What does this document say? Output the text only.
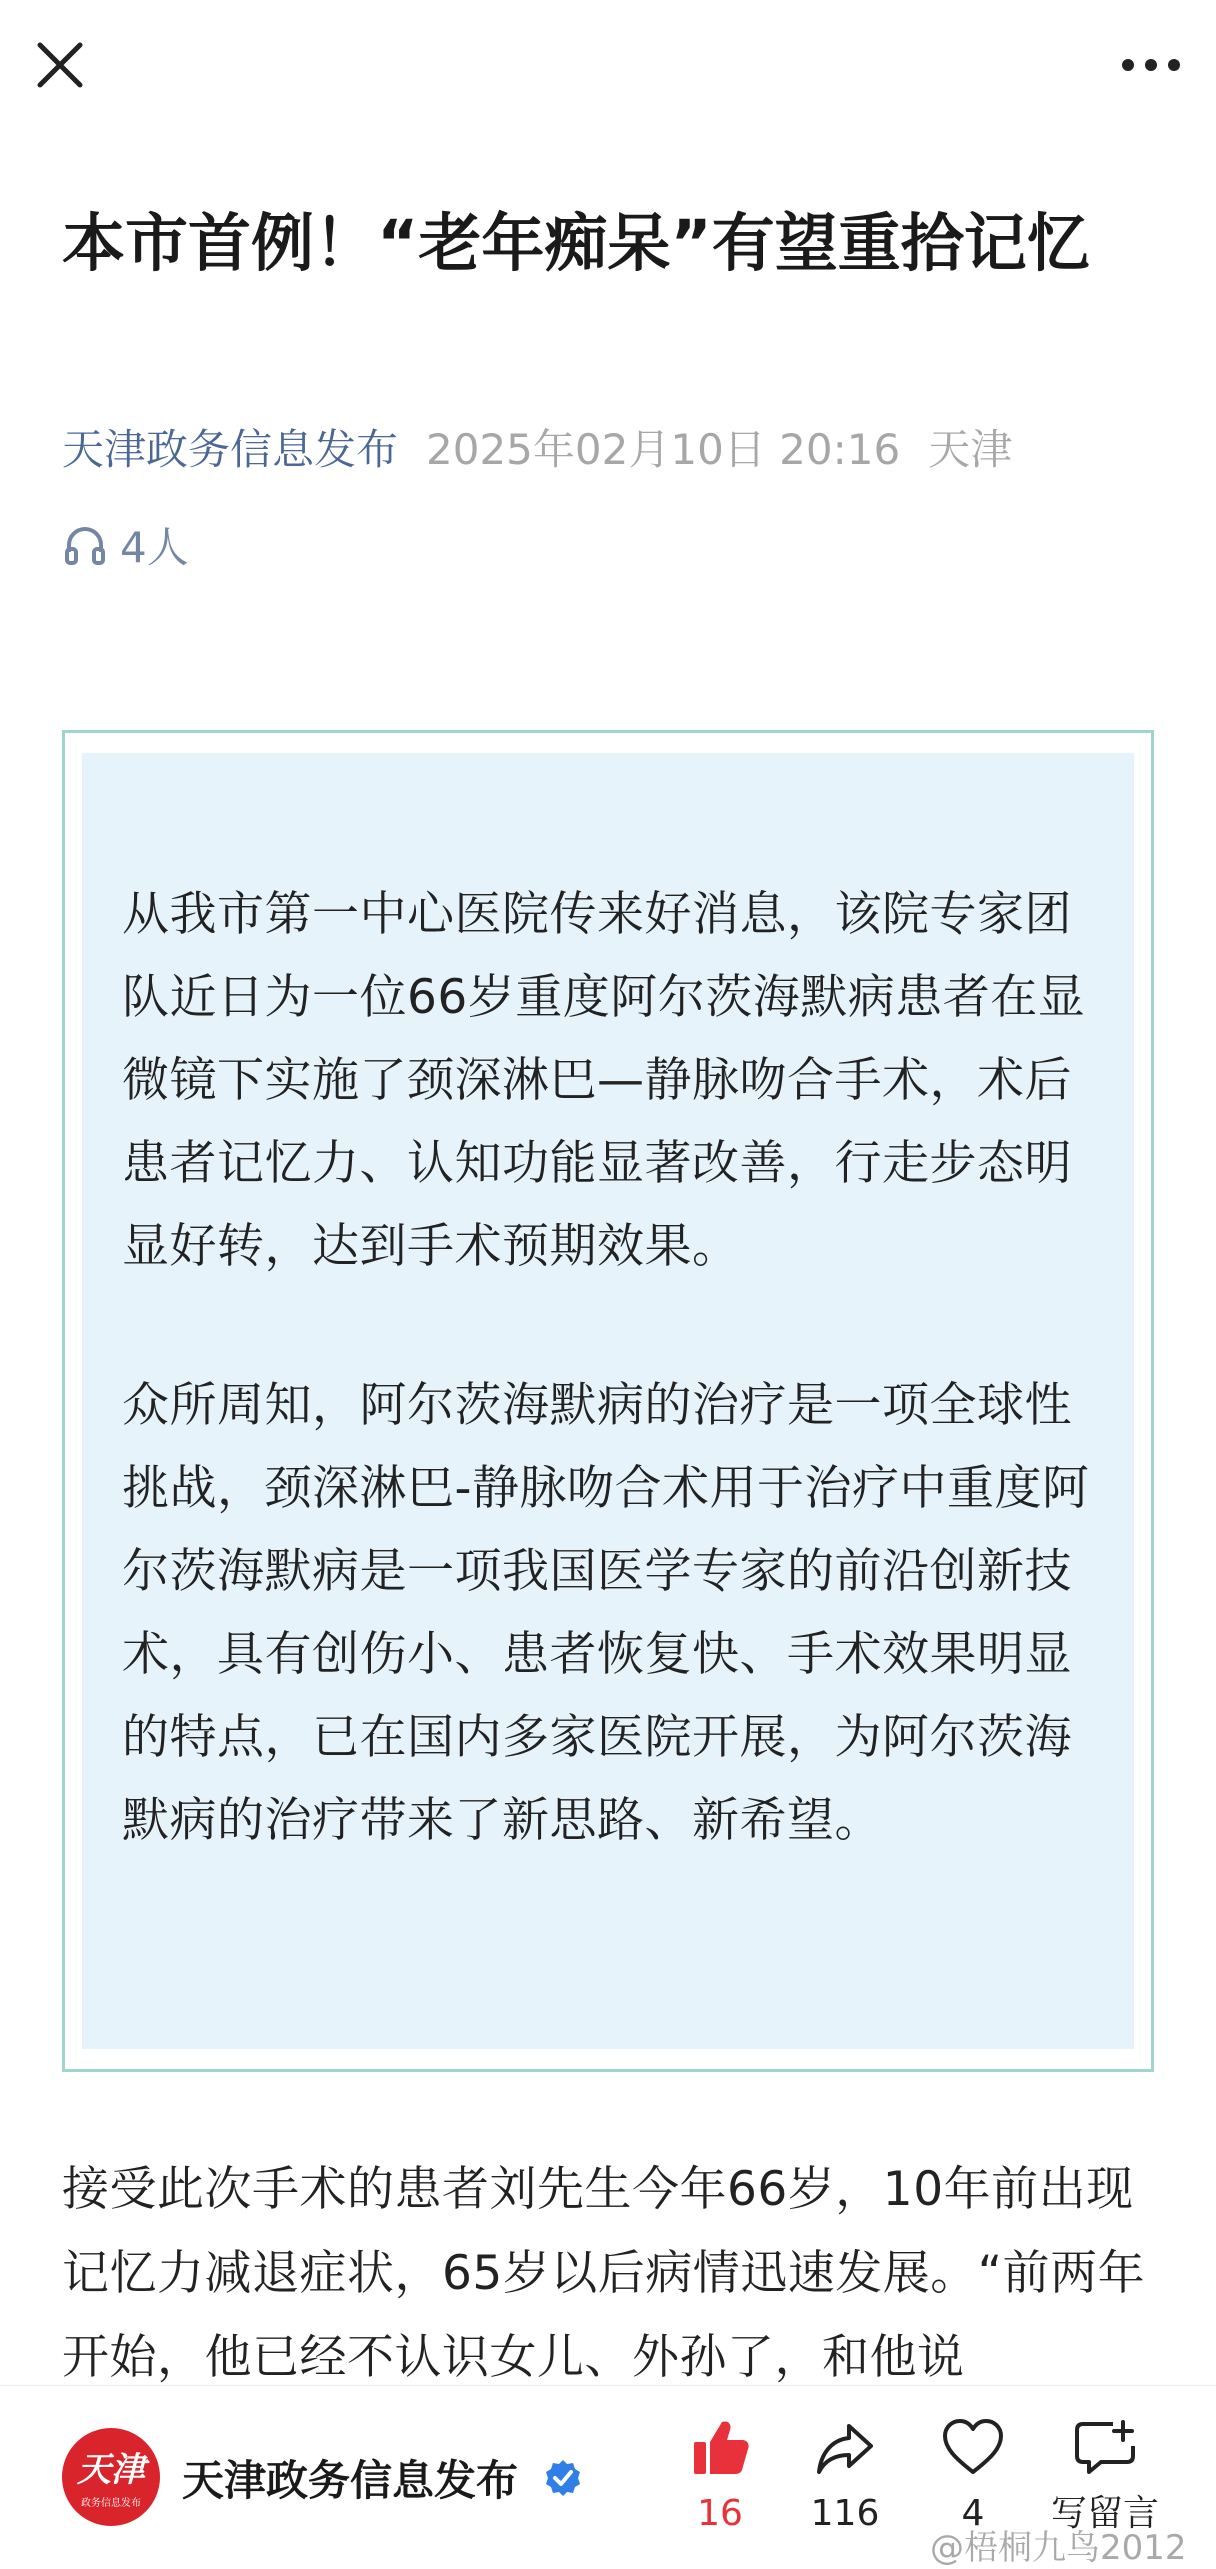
本市首例！“老年痴呆”有望重拾记忆
天津政务信息发布 2025年02月10日 20:16 天津
4人

从我市第一中心医院传来好消息，该院专家团队近日为一位66岁重度阿尔茨海默病患者在显微镜下实施了颈深淋巴—静脉吻合手术，术后患者记忆力、认知功能显著改善，行走步态明显好转，达到手术预期效果。

众所周知，阿尔茨海默病的治疗是一项全球性挑战，颈深淋巴-静脉吻合术用于治疗中重度阿尔茨海默病是一项我国医学专家的前沿创新技术，具有创伤小、患者恢复快、手术效果明显的特点，已在国内多家医院开展，为阿尔茨海默病的治疗带来了新思路、新希望。

接受此次手术的患者刘先生今年66岁，10年前出现记忆力减退症状，65岁以后病情迅速发展。“前两年开始，他已经不认识女儿、外孙了，和他说

天津
政务信息发布 天津政务信息发布
16	116	4	写留言
@梧桐九鸟2012
